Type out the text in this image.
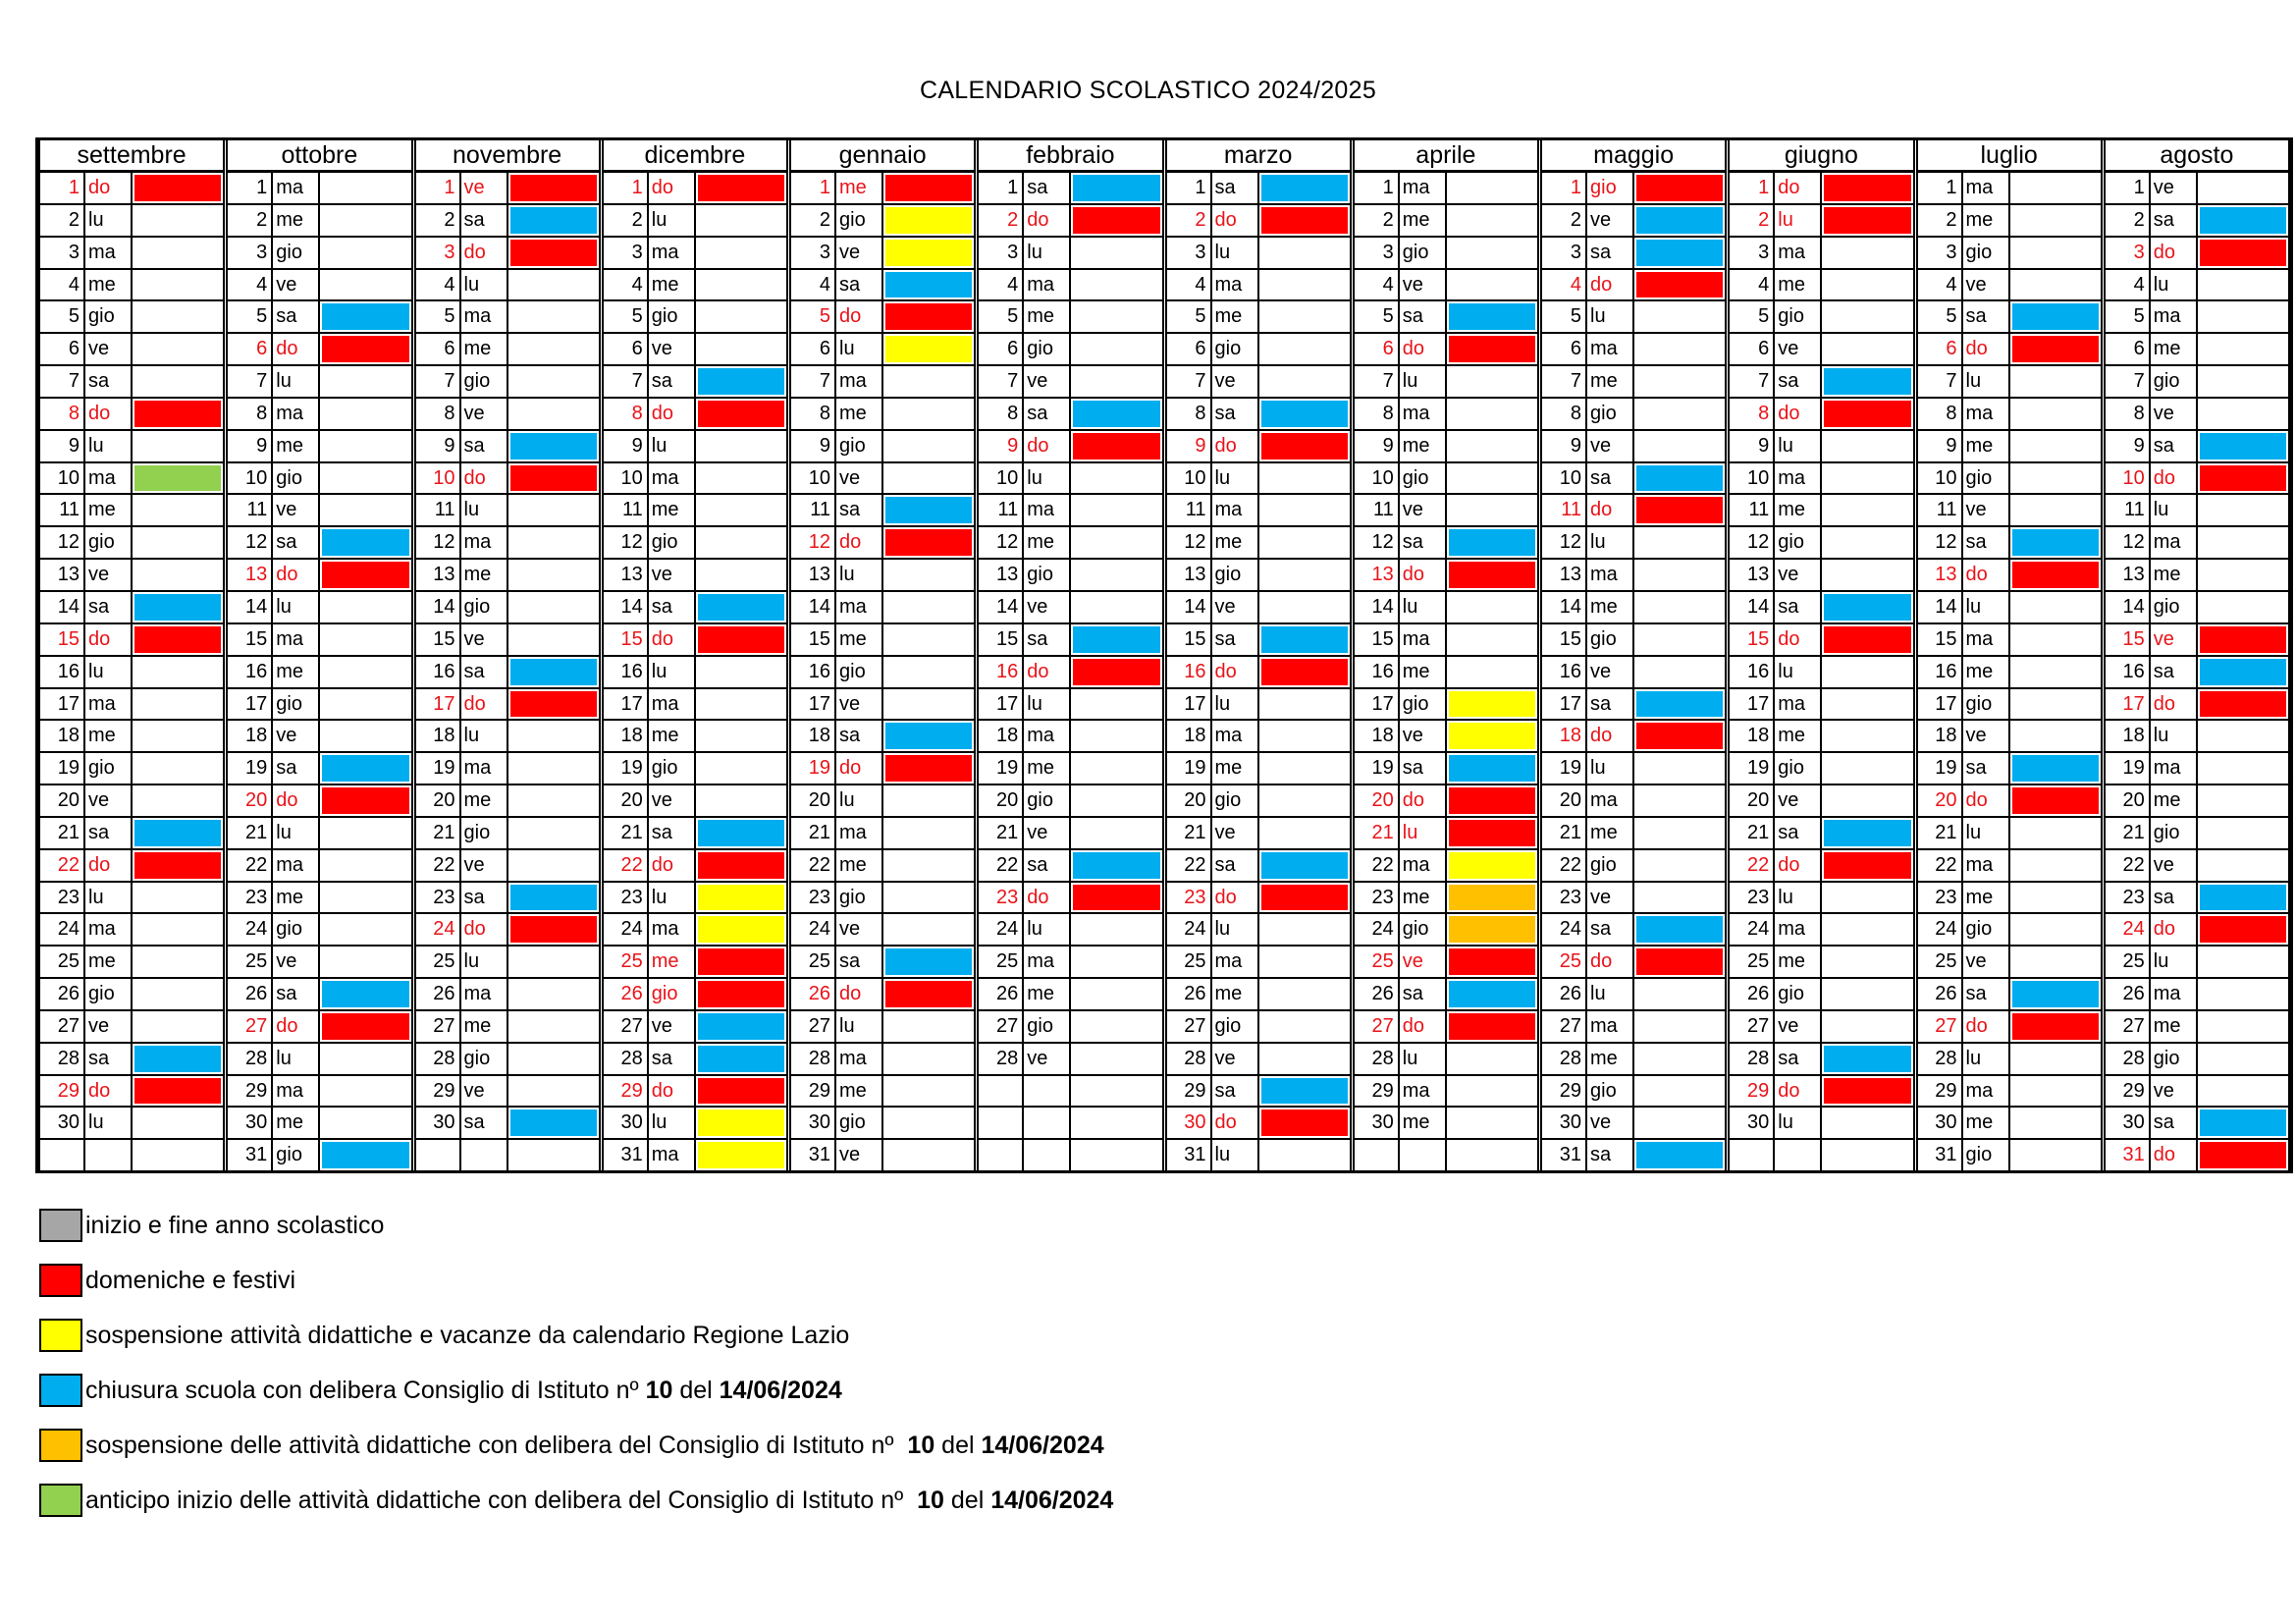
CALENDARIO SCOLASTICO 2024/2025
settembre
1 do
2 lu
3 ma
4 me
5 gio
6 ve
7 sa
8 do
9 lu
10 ma
11 me
12 gio
13 ve
14 sa
15 do
16 lu
17 ma
18 me
19 gio
20 ve
21 sa
22 do
23 lu
24 ma
25 me
26 gio
27 ve
28 sa
29 do
30 lu
ottobre
1 ma
2 me
3 gio
4 ve
5 sa
6 do
7 lu
8 ma
9 me
10 gio
11 ve
12 sa
13 do
14 lu
15 ma
16 me
17 gio
18 ve
19 sa
20 do
21 lu
22 ma
23 me
24 gio
25 ve
26 sa
27 do
28 lu
29 ma
30 me
31 gio
novembre
1 ve
2 sa
3 do
4 lu
5 ma
6 me
7 gio
8 ve
9 sa
10 do
11 lu
12 ma
13 me
14 gio
15 ve
16 sa
17 do
18 lu
19 ma
20 me
21 gio
22 ve
23 sa
24 do
25 lu
26 ma
27 me
28 gio
29 ve
30 sa
dicembre
1 do
2 lu
3 ma
4 me
5 gio
6 ve
7 sa
8 do
9 lu
10 ma
11 me
12 gio
13 ve
14 sa
15 do
16 lu
17 ma
18 me
19 gio
20 ve
21 sa
22 do
23 lu
24 ma
25 me
26 gio
27 ve
28 sa
29 do
30 lu
31 ma
gennaio
1 me
2 gio
3 ve
4 sa
5 do
6 lu
7 ma
8 me
9 gio
10 ve
11 sa
12 do
13 lu
14 ma
15 me
16 gio
17 ve
18 sa
19 do
20 lu
21 ma
22 me
23 gio
24 ve
25 sa
26 do
27 lu
28 ma
29 me
30 gio
31 ve
febbraio
1 sa
2 do
3 lu
4 ma
5 me
6 gio
7 ve
8 sa
9 do
10 lu
11 ma
12 me
13 gio
14 ve
15 sa
16 do
17 lu
18 ma
19 me
20 gio
21 ve
22 sa
23 do
24 lu
25 ma
26 me
27 gio
28 ve
marzo
1 sa
2 do
3 lu
4 ma
5 me
6 gio
7 ve
8 sa
9 do
10 lu
11 ma
12 me
13 gio
14 ve
15 sa
16 do
17 lu
18 ma
19 me
20 gio
21 ve
22 sa
23 do
24 lu
25 ma
26 me
27 gio
28 ve
29 sa
30 do
31 lu
aprile
1 ma
2 me
3 gio
4 ve
5 sa
6 do
7 lu
8 ma
9 me
10 gio
11 ve
12 sa
13 do
14 lu
15 ma
16 me
17 gio
18 ve
19 sa
20 do
21 lu
22 ma
23 me
24 gio
25 ve
26 sa
27 do
28 lu
29 ma
30 me
maggio
1 gio
2 ve
3 sa
4 do
5 lu
6 ma
7 me
8 gio
9 ve
10 sa
11 do
12 lu
13 ma
14 me
15 gio
16 ve
17 sa
18 do
19 lu
20 ma
21 me
22 gio
23 ve
24 sa
25 do
26 lu
27 ma
28 me
29 gio
30 ve
31 sa
giugno
1 do
2 lu
3 ma
4 me
5 gio
6 ve
7 sa
8 do
9 lu
10 ma
11 me
12 gio
13 ve
14 sa
15 do
16 lu
17 ma
18 me
19 gio
20 ve
21 sa
22 do
23 lu
24 ma
25 me
26 gio
27 ve
28 sa
29 do
30 lu
luglio
1 ma
2 me
3 gio
4 ve
5 sa
6 do
7 lu
8 ma
9 me
10 gio
11 ve
12 sa
13 do
14 lu
15 ma
16 me
17 gio
18 ve
19 sa
20 do
21 lu
22 ma
23 me
24 gio
25 ve
26 sa
27 do
28 lu
29 ma
30 me
31 gio
agosto
1 ve
2 sa
3 do
4 lu
5 ma
6 me
7 gio
8 ve
9 sa
10 do
11 lu
12 ma
13 me
14 gio
15 ve
16 sa
17 do
18 lu
19 ma
20 me
21 gio
22 ve
23 sa
24 do
25 lu
26 ma
27 me
28 gio
29 ve
30 sa
31 do
inizio e fine anno scolastico
domeniche e festivi
sospensione attività didattiche e vacanze da calendario Regione Lazio
chiusura scuola con delibera Consiglio di Istituto nº 10 del 14/06/2024
sospensione delle attività didattiche con delibera del Consiglio di Istituto nº 10 del 14/06/2024
anticipo inizio delle attività didattiche con delibera del Consiglio di Istituto nº 10 del 14/06/2024
